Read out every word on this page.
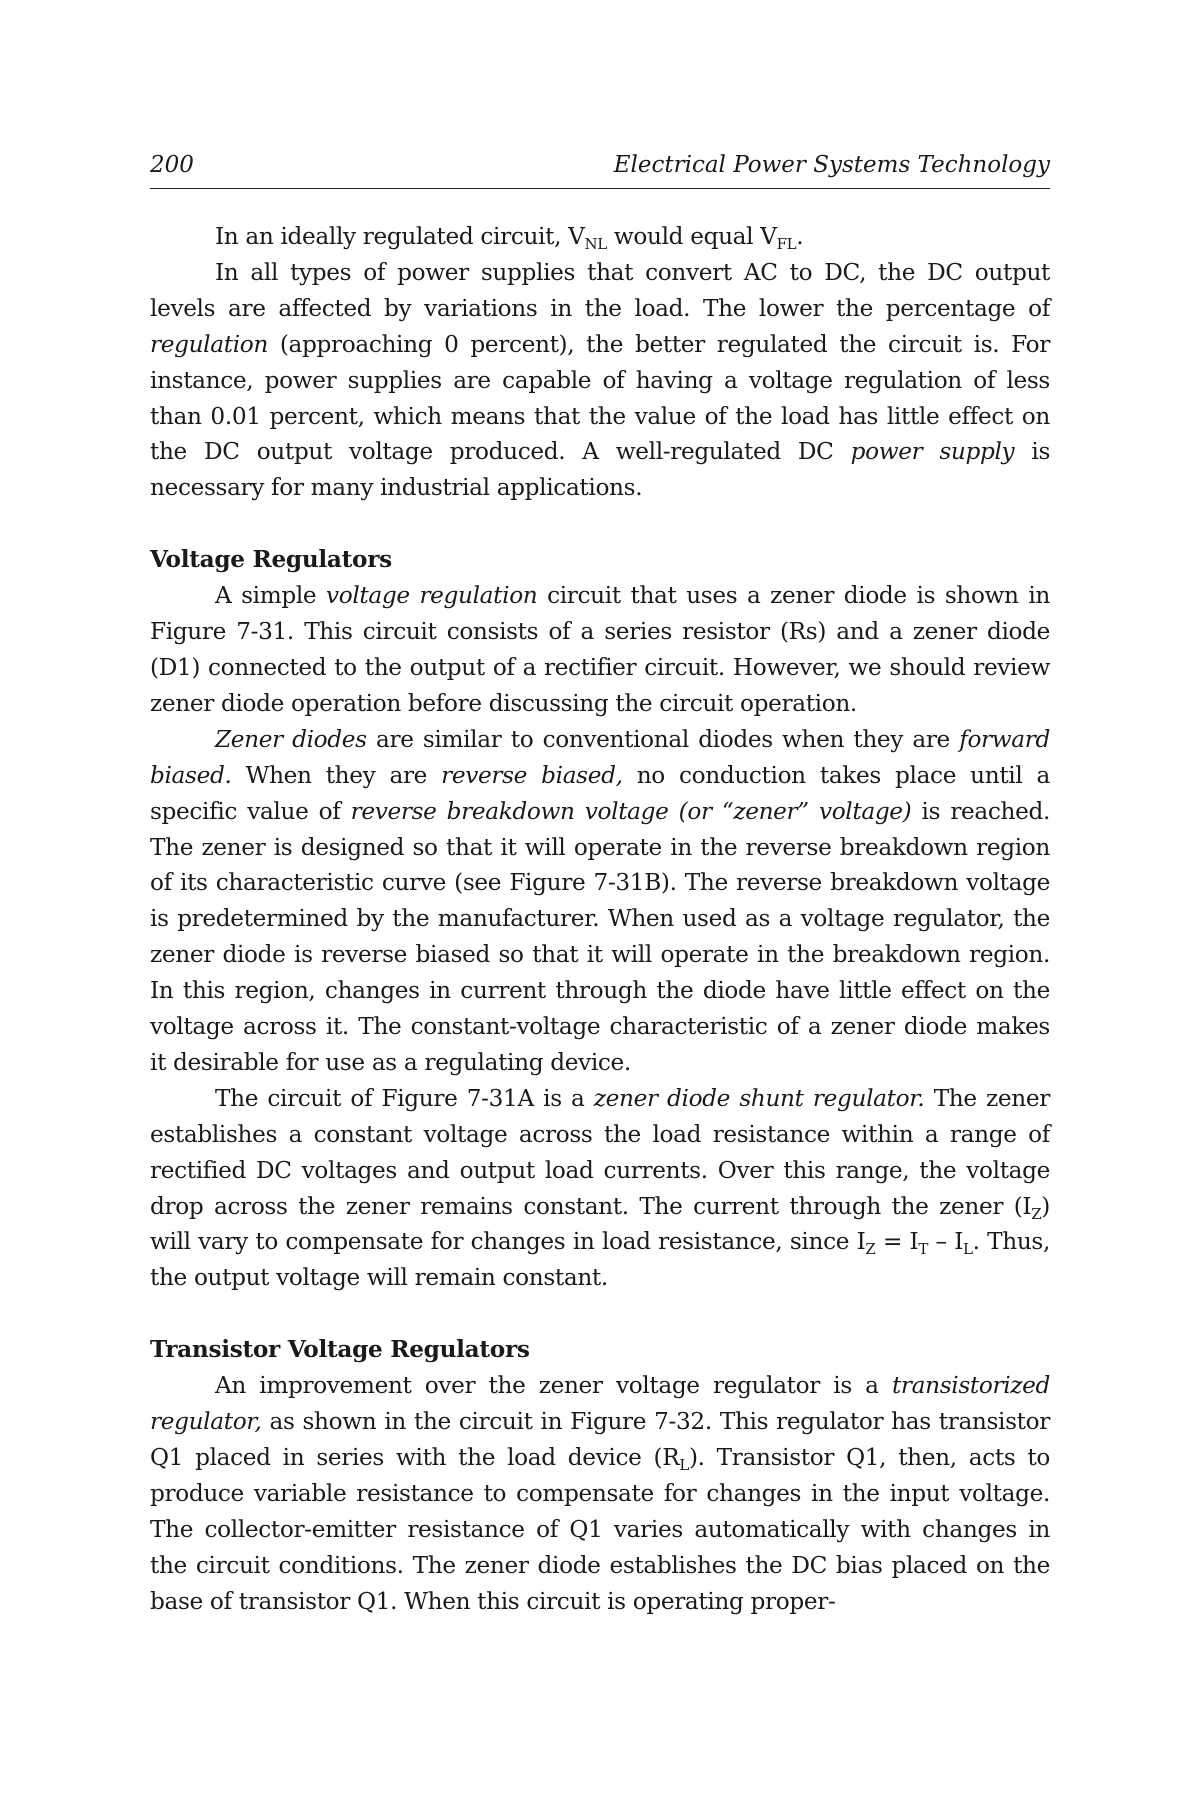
200	Electrical Power Systems Technology

In an ideally regulated circuit, $V_{NL}$ would equal $V_{FL}$.

In all types of power supplies that convert AC to DC, the DC output levels are affected by variations in the load. The lower the percentage of regulation (approaching 0 percent), the better regulated the circuit is. For instance, power supplies are capable of having a voltage regulation of less than 0.01 percent, which means that the value of the load has little effect on the DC output voltage produced. A well-regulated DC power supply is necessary for many industrial applications.

Voltage Regulators

A simple voltage regulation circuit that uses a zener diode is shown in Figure 7-31. This circuit consists of a series resistor (Rs) and a zener diode (D1) connected to the output of a rectifier circuit. However, we should review zener diode operation before discussing the circuit operation.

Zener diodes are similar to conventional diodes when they are forward biased. When they are reverse biased, no conduction takes place until a specific value of reverse breakdown voltage (or “zener” voltage) is reached. The zener is designed so that it will operate in the reverse breakdown region of its characteristic curve (see Figure 7-31B). The reverse breakdown voltage is predetermined by the manufacturer. When used as a voltage regulator, the zener diode is reverse biased so that it will operate in the breakdown region. In this region, changes in current through the diode have little effect on the voltage across it. The constant-voltage characteristic of a zener diode makes it desirable for use as a regulating device.

The circuit of Figure 7-31A is a zener diode shunt regulator. The zener establishes a constant voltage across the load resistance within a range of rectified DC voltages and output load currents. Over this range, the voltage drop across the zener remains constant. The current through the zener $(I_Z)$ will vary to compensate for changes in load resistance, since $I_Z = I_T - I_L$. Thus, the output voltage will remain constant.

Transistor Voltage Regulators

An improvement over the zener voltage regulator is a transistorized regulator, as shown in the circuit in Figure 7-32. This regulator has transistor Q1 placed in series with the load device $(R_L)$. Transistor Q1, then, acts to produce variable resistance to compensate for changes in the input voltage. The collector-emitter resistance of Q1 varies automatically with changes in the circuit conditions. The zener diode establishes the DC bias placed on the base of transistor Q1. When this circuit is operating proper-
